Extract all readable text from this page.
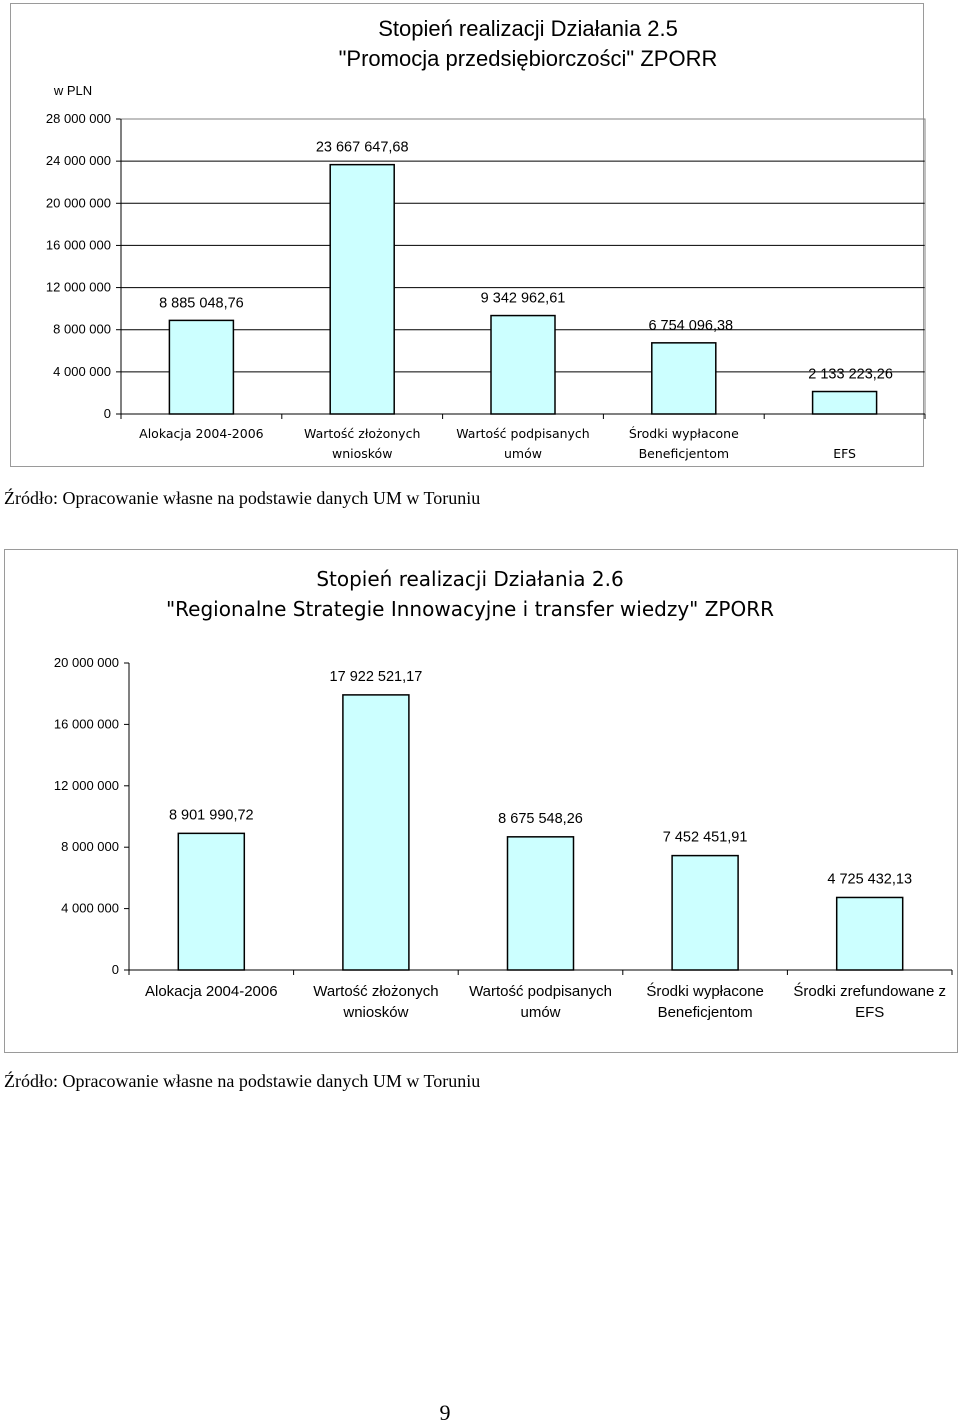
Stopień realizacji Działania 2.5
"Promocja przedsiębiorczości" ZPORR
w PLN
0
4 000 000
8 000 000
12 000 000
16 000 000
20 000 000
24 000 000
28 000 000
8 885 048,76
Alokacja 2004-2006
23 667 647,68
Wartość złożonych
wniosków
9 342 962,61
Wartość podpisanych
umów
6 754 096,38
Środki wypłacone
Beneficjentom
2 133 223,26
EFS

Źródło: Opracowanie własne na podstawie danych UM w Toruniu

Stopień realizacji Działania 2.6
"Regionalne Strategie Innowacyjne i transfer wiedzy" ZPORR
0
4 000 000
8 000 000
12 000 000
16 000 000
20 000 000
8 901 990,72
Alokacja 2004-2006
17 922 521,17
Wartość złożonych
wniosków
8 675 548,26
Wartość podpisanych
umów
7 452 451,91
Środki wypłacone
Beneficjentom
4 725 432,13
Środki zrefundowane z
EFS

Źródło: Opracowanie własne na podstawie danych UM w Toruniu

9
